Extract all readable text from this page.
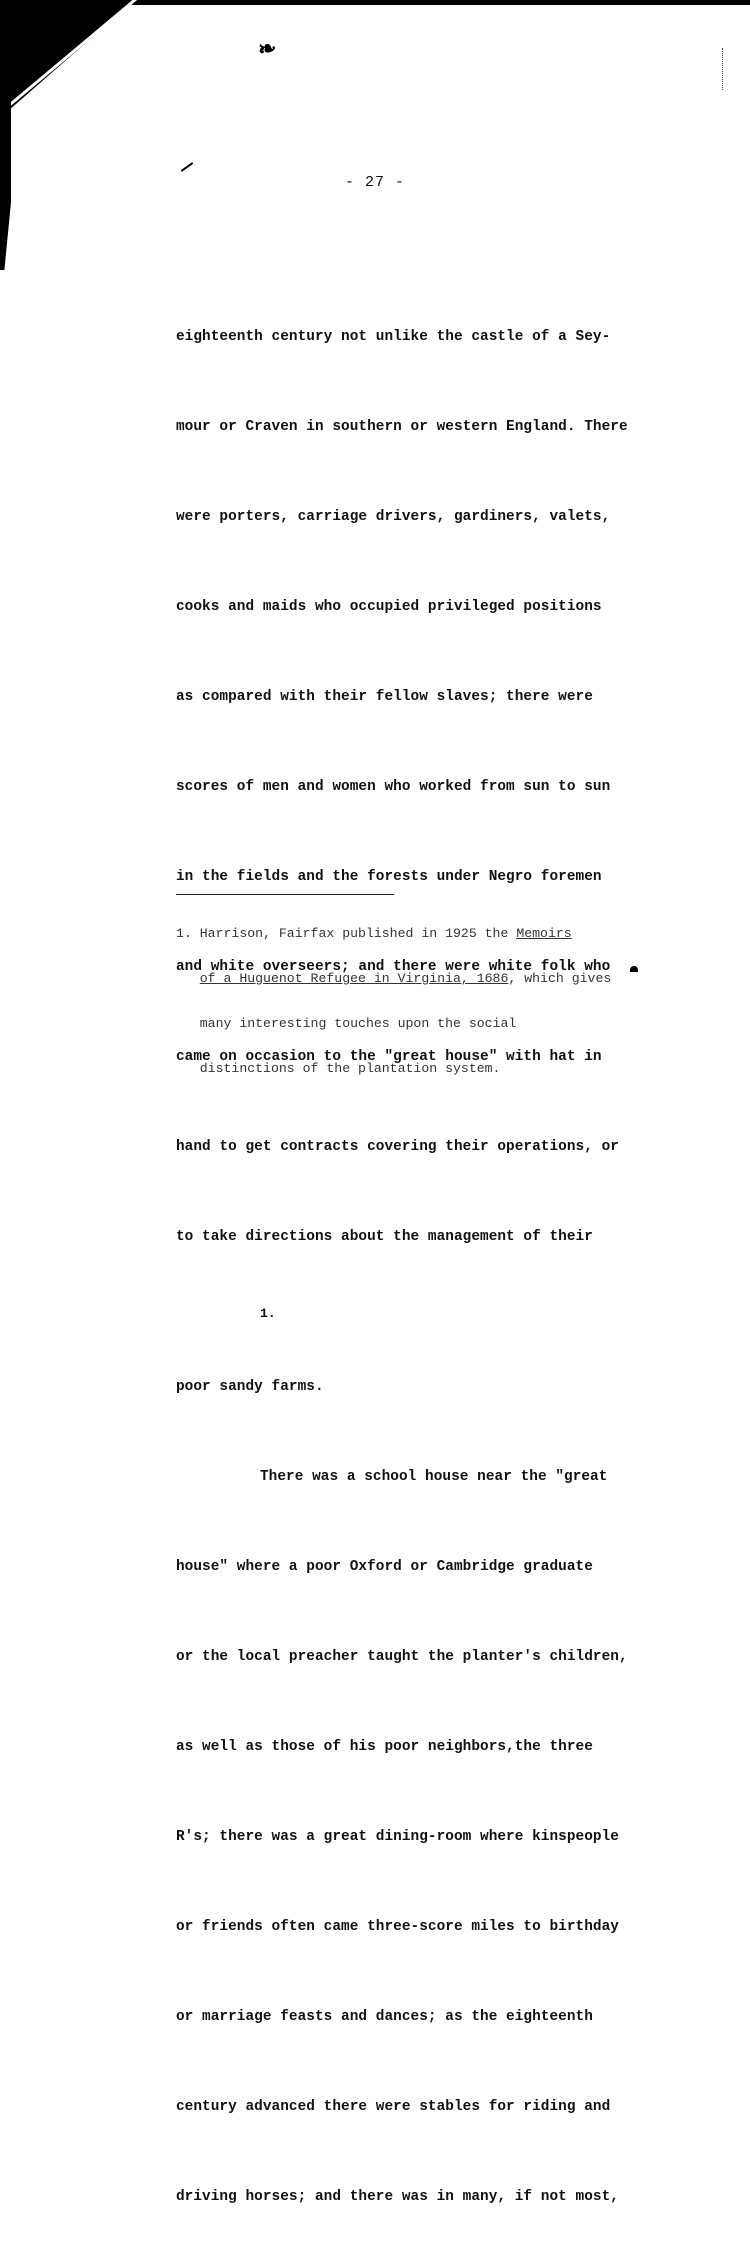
❧
- 27 -

eighteenth century not unlike the castle of a Sey-

mour or Craven in southern or western England. There

were porters, carriage drivers, gardiners, valets,

cooks and maids who occupied privileged positions

as compared with their fellow slaves; there were

scores of men and women who worked from sun to sun

in the fields and the forests under Negro foremen

and white overseers; and there were white folk who

came on occasion to the "great house" with hat in

hand to get contracts covering their operations, or

to take directions about the management of their

1.

poor sandy farms.

There was a school house near the "great

house" where a poor Oxford or Cambridge graduate

or the local preacher taught the planter's children,

as well as those of his poor neighbors,the three

R's; there was a great dining-room where kinspeople

or friends often came three-score miles to birthday

or marriage feasts and dances; as the eighteenth

century advanced there were stables for riding and

driving horses; and there was in many, if not most,

1. Harrison, Fairfax published in 1925 the Memoirs

of a Huguenot Refugee in Virginia, 1686, which gives

many interesting touches upon the social

distinctions of the plantation system.
